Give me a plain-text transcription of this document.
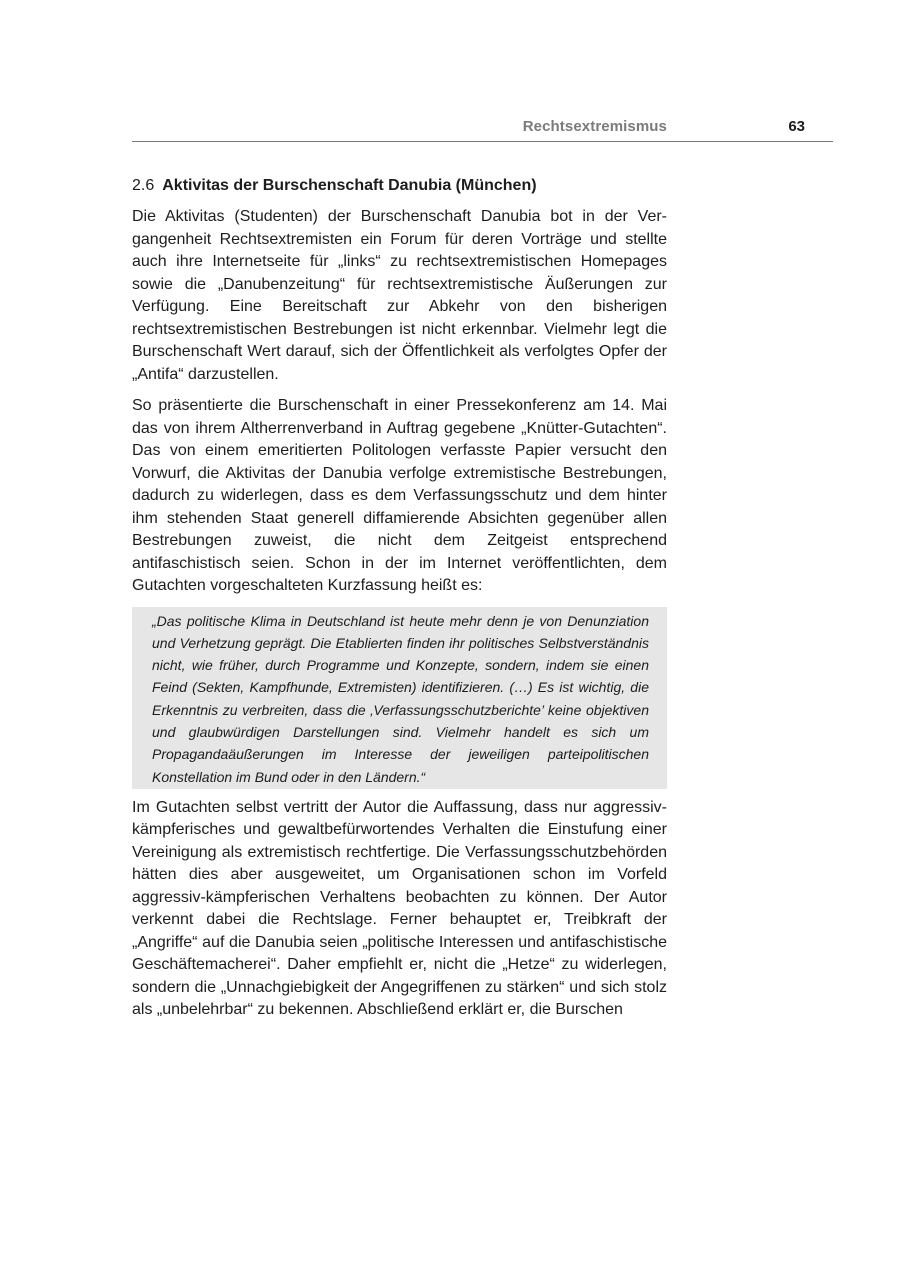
Rechtsextremismus	63
2.6 Aktivitas der Burschenschaft Danubia (München)

Die Aktivitas (Studenten) der Burschenschaft Danubia bot in der Vergangenheit Rechtsextremisten ein Forum für deren Vorträge und stellte auch ihre Internetseite für „links“ zu rechtsextremistischen Homepages sowie die „Danubenzeitung“ für rechtsextremistische Äußerungen zur Verfügung. Eine Bereitschaft zur Abkehr von den bisherigen rechtsextremistischen Bestrebungen ist nicht erkennbar. Vielmehr legt die Burschenschaft Wert darauf, sich der Öffentlichkeit als verfolgtes Opfer der „Antifa“ darzustellen.

So präsentierte die Burschenschaft in einer Pressekonferenz am 14. Mai das von ihrem Altherrenverband in Auftrag gegebene „Knütter-Gutachten“. Das von einem emeritierten Politologen verfasste Papier versucht den Vorwurf, die Aktivitas der Danubia verfolge extremistische Bestrebungen, dadurch zu widerlegen, dass es dem Verfassungsschutz und dem hinter ihm stehenden Staat generell diffamierende Absichten gegenüber allen Bestrebungen zuweist, die nicht dem Zeitgeist entsprechend antifaschistisch seien. Schon in der im Internet veröffentlichten, dem Gutachten vorgeschalteten Kurzfassung heißt es:

„Das politische Klima in Deutschland ist heute mehr denn je von Denunziation und Verhetzung geprägt. Die Etablierten finden ihr politisches Selbstverständnis nicht, wie früher, durch Programme und Konzepte, sondern, indem sie einen Feind (Sekten, Kampfhunde, Extremisten) identifizieren. (…) Es ist wichtig, die Erkenntnis zu verbreiten, dass die ‚Verfassungsschutzberichte’ keine objektiven und glaubwürdigen Darstellungen sind. Vielmehr handelt es sich um Propagandaäußerungen im Interesse der jeweiligen parteipolitischen Konstellation im Bund oder in den Ländern.“

Im Gutachten selbst vertritt der Autor die Auffassung, dass nur aggressiv-kämpferisches und gewaltbefürwortendes Verhalten die Einstufung einer Vereinigung als extremistisch rechtfertige. Die Verfassungsschutzbehörden hätten dies aber ausgeweitet, um Organisationen schon im Vorfeld aggressiv-kämpferischen Verhaltens beobachten zu können. Der Autor verkennt dabei die Rechtslage. Ferner behauptet er, Treibkraft der „Angriffe“ auf die Danubia seien „politische Interessen und antifaschistische Geschäftemacherei“. Daher empfiehlt er, nicht die „Hetze“ zu widerlegen, sondern die „Unnachgiebigkeit der Angegriffenen zu stärken“ und sich stolz als „unbelehrbar“ zu bekennen. Abschließend erklärt er, die Burschen
